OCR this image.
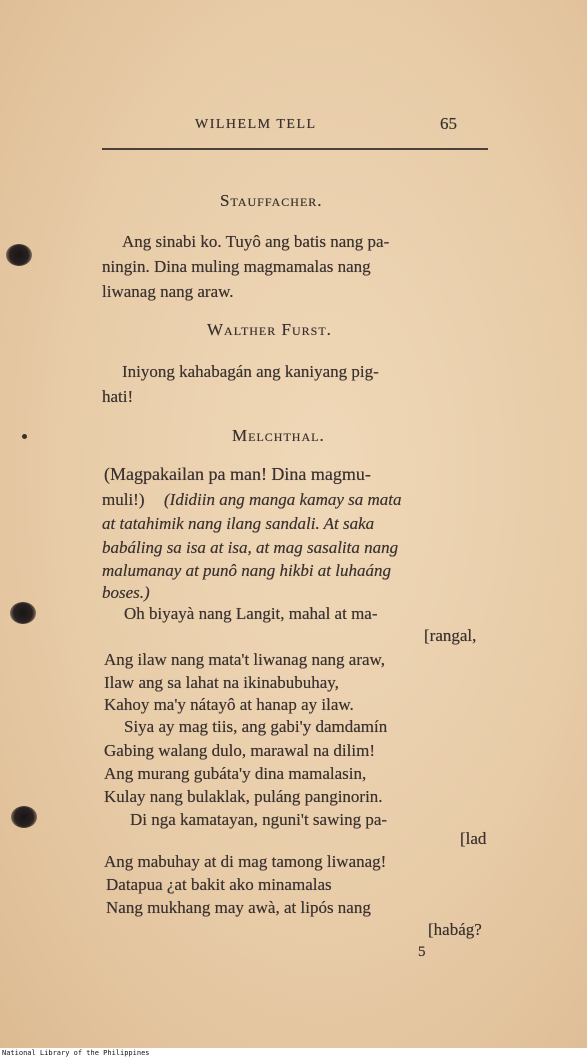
WILHELM TELL	65
Stauffacher.
Ang sinabi ko. Tuyô ang batis nang pa-
ningin. Dina muling magmamalas nang
liwanag nang araw.
Walther Furst.
Iniyong kahabagán ang kaniyang pig-
hati!
Melchthal.
(Magpakailan pa man! Dina magmu-
muli!) (Ididiin ang manga kamay sa mata
at tatahimik nang ilang sandali. At saka
babáling sa isa at isa, at mag sasalita nang
malumanay at punô nang hikbi at luhaáng
boses.)
Oh biyayà nang Langit, mahal at ma-
[rangal,
Ang ilaw nang mata't liwanag nang araw,
Ilaw ang sa lahat na ikinabubuhay,
Kahoy ma'y nátayô at hanap ay ilaw.
Siya ay mag tiis, ang gabi'y damdamín
Gabing walang dulo, marawal na dilim!
Ang murang gubáta'y dina mamalasin,
Kulay nang bulaklak, puláng panginorin.
Di nga kamatayan, nguni't sawing pa-
[lad
Ang mabuhay at di mag tamong liwanag!
Datapua ¿at bakit ako minamalas
Nang mukhang may awà, at lipós nang
[habág?
5
National Library of the Philippines
